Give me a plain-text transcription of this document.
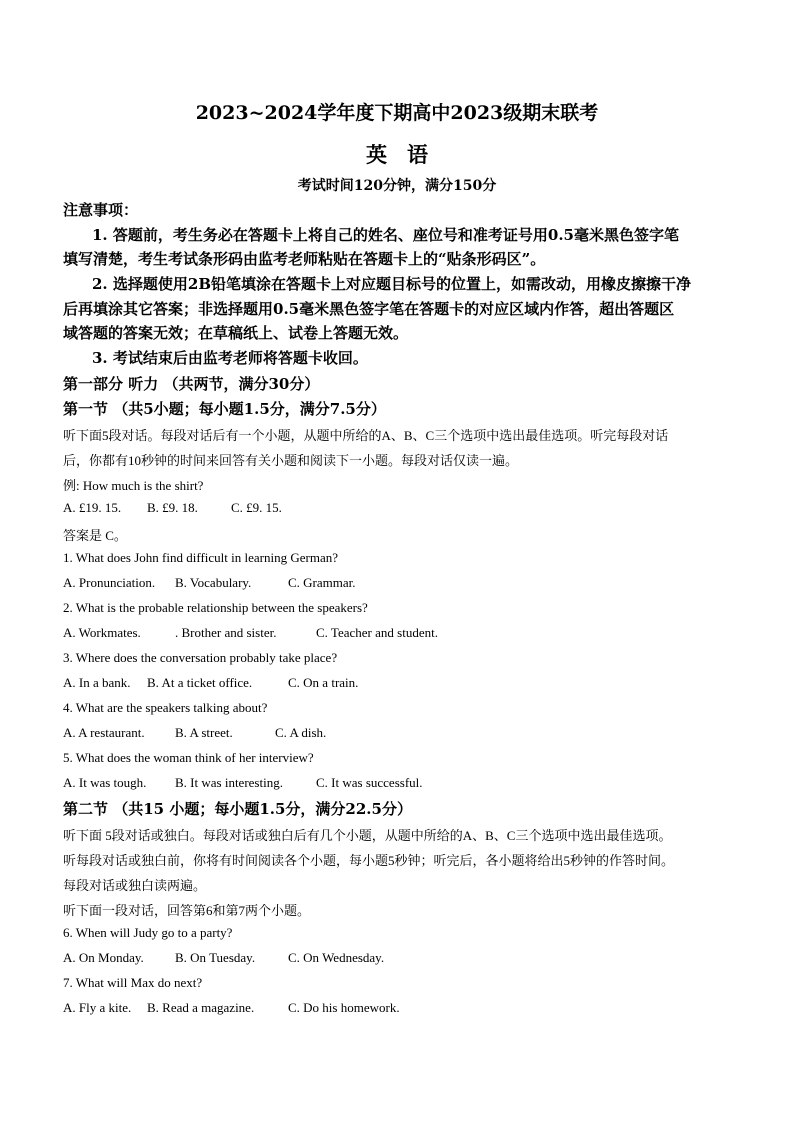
2023~2024学年度下期高中2023级期末联考
英语
考试时间120分钟，满分150分
注意事项：
1. 答题前，考生务必在答题卡上将自己的姓名、座位号和准考证号用0.5毫米黑色签字笔
填写清楚，考生考试条形码由监考老师粘贴在答题卡上的“贴条形码区”。
2. 选择题使用2B铅笔填涂在答题卡上对应题目标号的位置上，如需改动，用橡皮擦擦干净
后再填涂其它答案；非选择题用0.5毫米黑色签字笔在答题卡的对应区域内作答，超出答题区
域答题的答案无效；在草稿纸上、试卷上答题无效。
3. 考试结束后由监考老师将答题卡收回。
第一部分 听力 （共两节，满分30分）
第一节 （共5小题；每小题1.5分，满分7.5分）
听下面5段对话。每段对话后有一个小题，从题中所给的A、B、C三个选项中选出最佳选项。听完每段对话
后，你都有10秒钟的时间来回答有关小题和阅读下一小题。每段对话仅读一遍。
例: How much is the shirt?
A. £19. 15. B. £9. 18.	C. £9. 15.
答案是 C。
1. What does John find difficult in learning German?
A. Pronunciation. B. Vocabulary.	C. Grammar.
2. What is the probable relationship between the speakers?
A. Workmates.	. Brother and sister.	C. Teacher and student.
3. Where does the conversation probably take place?
A. In a bank. B. At a ticket office.	C. On a train.
4. What are the speakers talking about?
A. A restaurant. B. A street.	C. A dish.
5. What does the woman think of her interview?
A. It was tough. B. It was interesting.	C. It was successful.
第二节 （共15 小题；每小题1.5分，满分22.5分）
听下面 5段对话或独白。每段对话或独白后有几个小题，从题中所给的A、B、C三个选项中选出最佳选项。
听每段对话或独白前，你将有时间阅读各个小题，每小题5秒钟；听完后，各小题将给出5秒钟的作答时间。
每段对话或独白读两遍。
听下面一段对话，回答第6和第7两个小题。
6. When will Judy go to a party?
A. On Monday. B. On Tuesday.	C. On Wednesday.
7. What will Max do next?
A. Fly a kite. B. Read a magazine.	C. Do his homework.
